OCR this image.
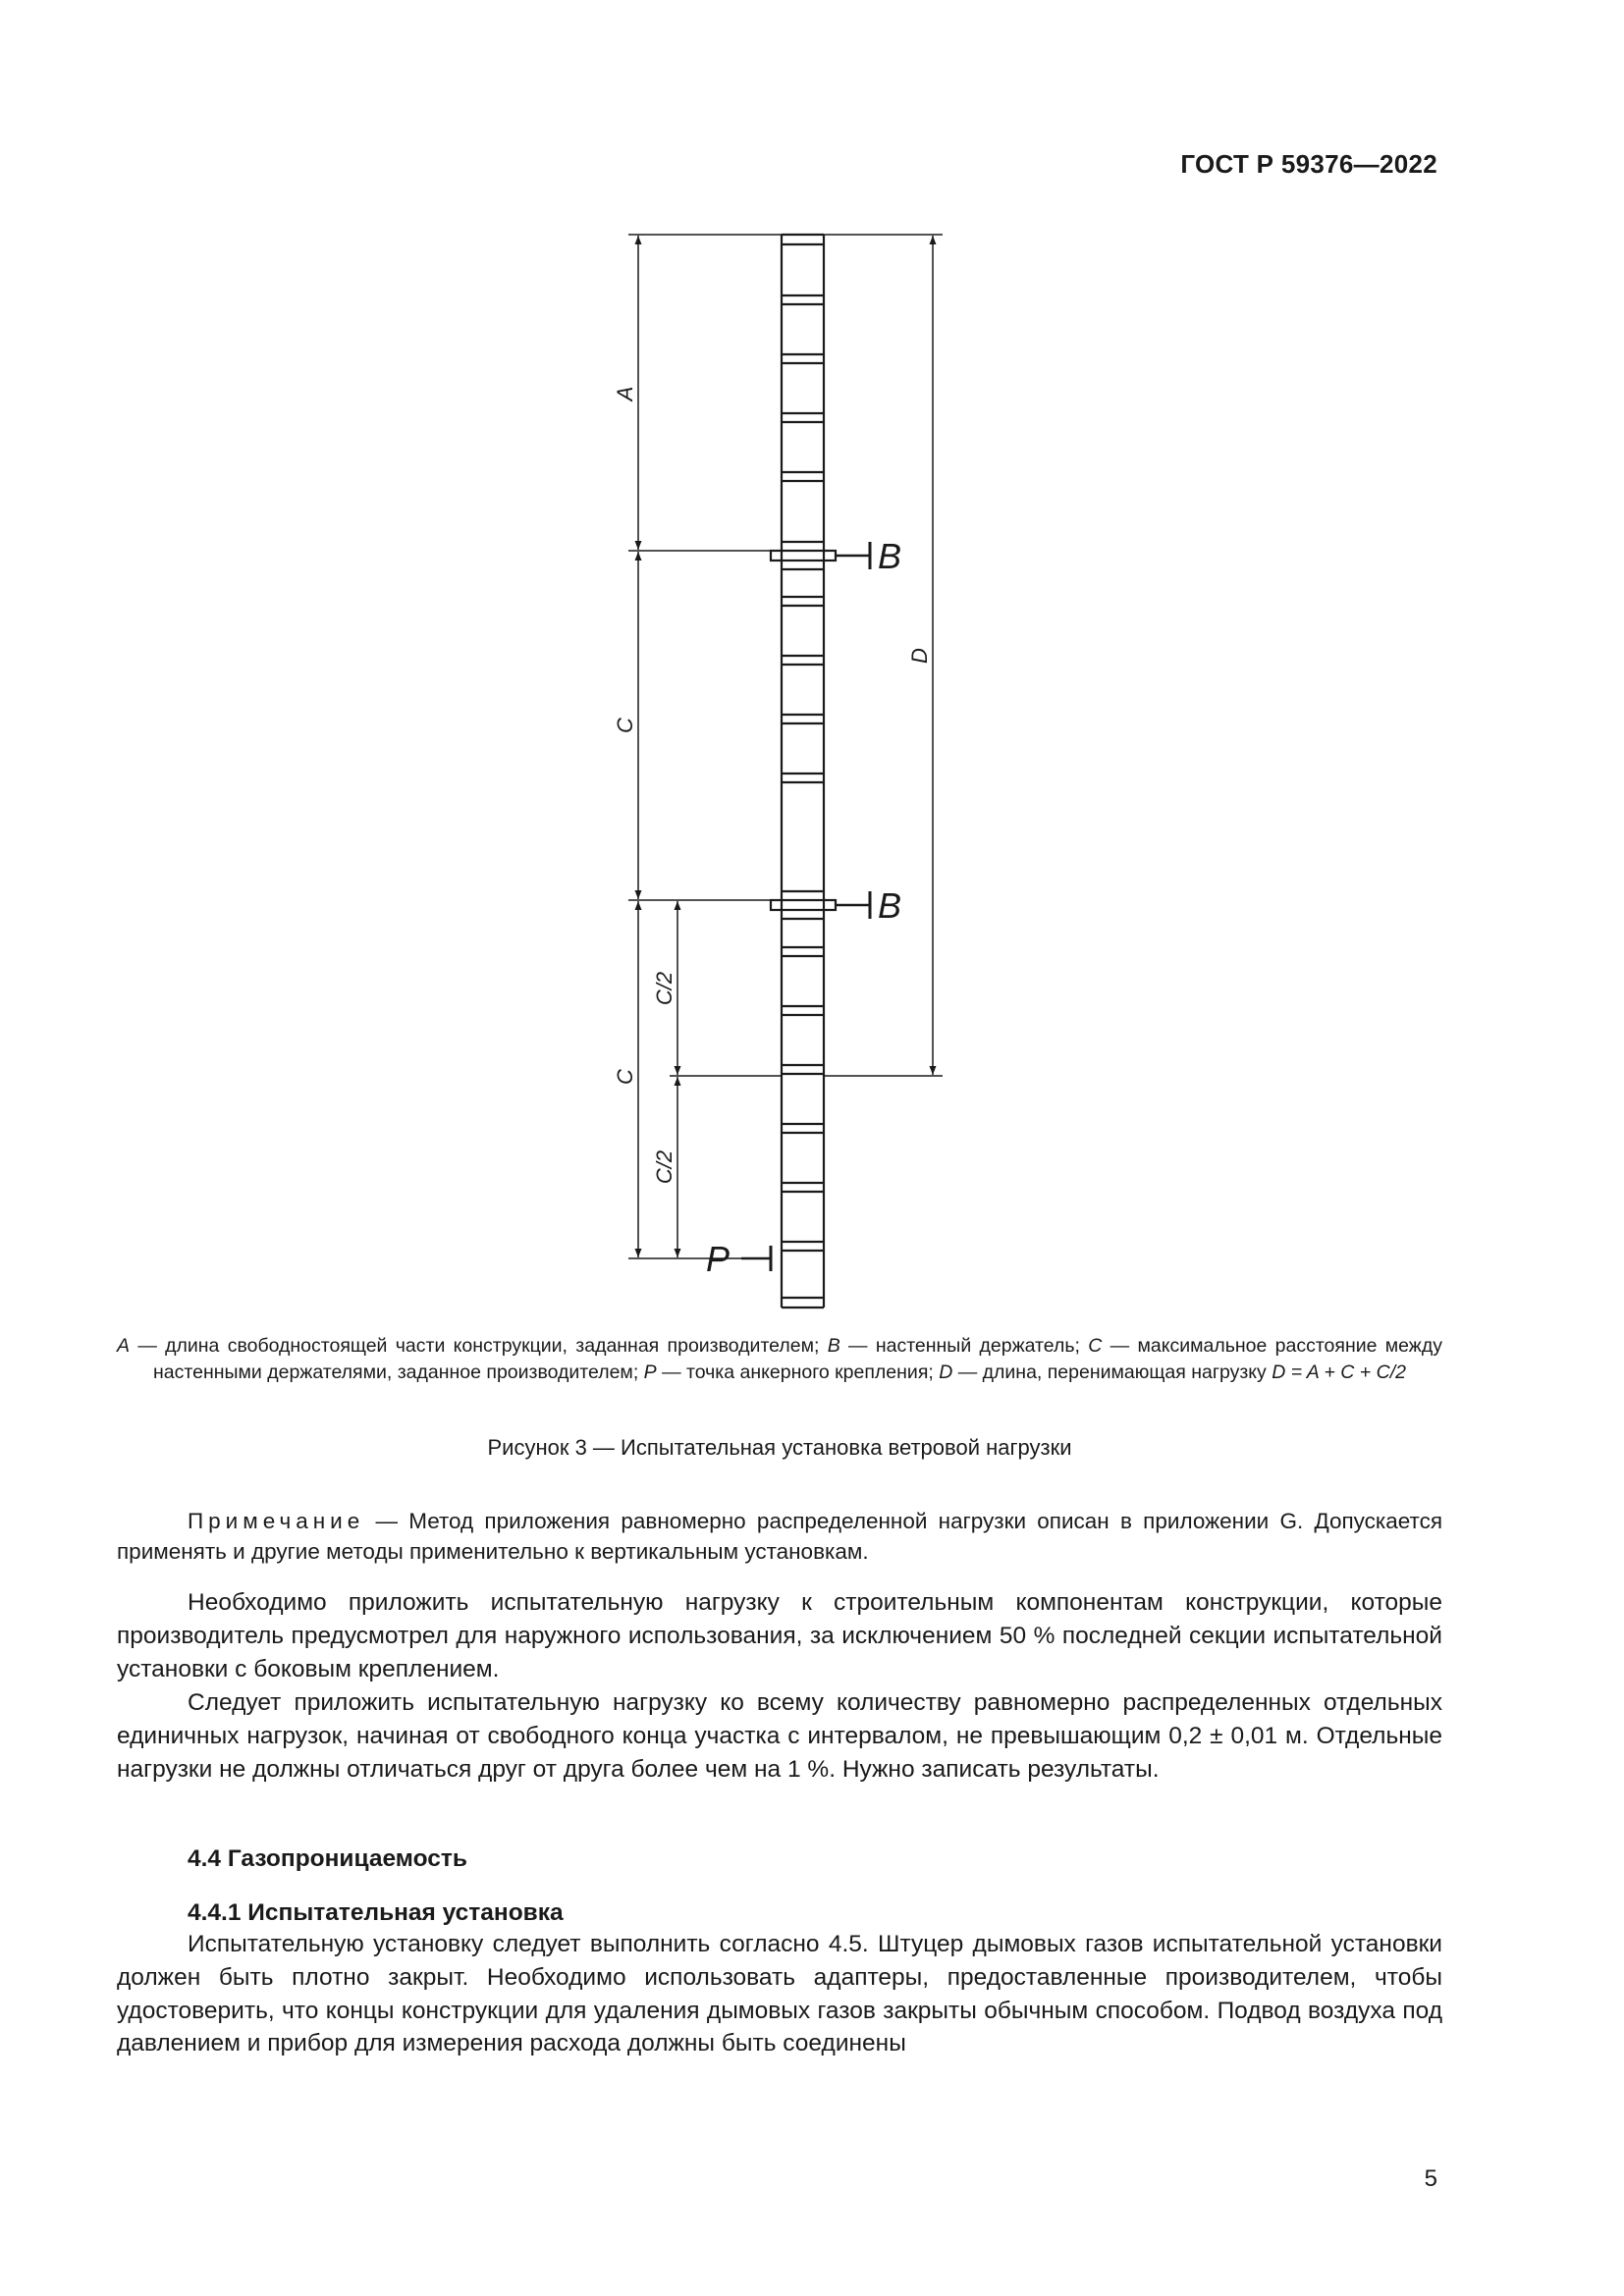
ГОСТ Р 59376—2022
A
C
C
C/2
C/2
D
B
B
P
A — длина свободностоящей части конструкции, заданная производителем; B — настенный держатель; C — максимальное расстояние между настенными держателями, заданное производителем; P — точка анкерного крепления; D — длина, перенимающая нагрузку D = A + C + C/2
Рисунок 3 — Испытательная установка ветровой нагрузки

Примечание — Метод приложения равномерно распределенной нагрузки описан в приложении G. Допускается применять и другие методы применительно к вертикальным установкам.

Необходимо приложить испытательную нагрузку к строительным компонентам конструкции, которые производитель предусмотрел для наружного использования, за исключением 50 % последней секции испытательной установки с боковым креплением.

Следует приложить испытательную нагрузку ко всему количеству равномерно распределенных отдельных единичных нагрузок, начиная от свободного конца участка с интервалом, не превышающим 0,2 ± 0,01 м. Отдельные нагрузки не должны отличаться друг от друга более чем на 1 %. Нужно записать результаты.

4.4 Газопроницаемость
4.4.1 Испытательная установка

Испытательную установку следует выполнить согласно 4.5. Штуцер дымовых газов испытательной установки должен быть плотно закрыт. Необходимо использовать адаптеры, предоставленные производителем, чтобы удостоверить, что концы конструкции для удаления дымовых газов закрыты обычным способом. Подвод воздуха под давлением и прибор для измерения расхода должны быть соединены

5
